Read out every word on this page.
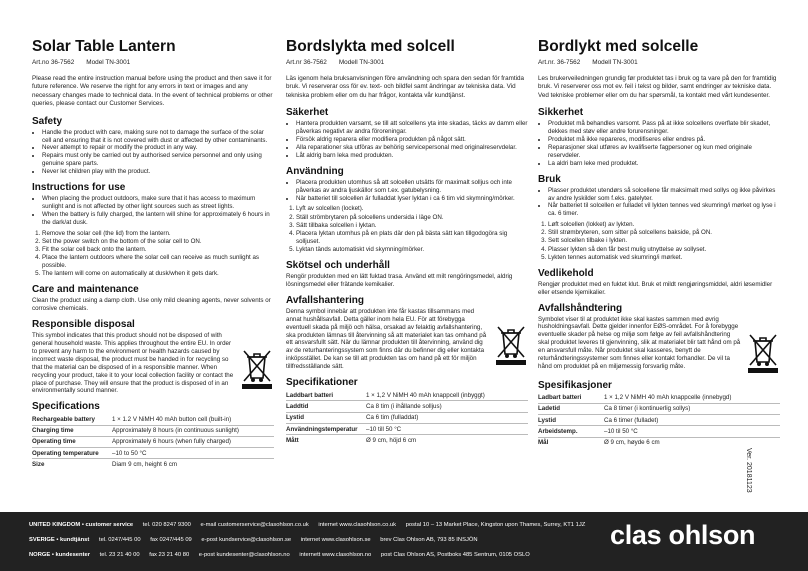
Solar Table Lantern
Art.no 36-7562 Model TN-3001

Please read the entire instruction manual before using the product and then save it for future reference. We reserve the right for any errors in text or images and any necessary changes made to technical data. In the event of technical problems or other queries, please contact our Customer Services.

Safety
• Handle the product with care, making sure not to damage the surface of the solar cell and ensuring that it is not covered with dust or affected by other contaminants.
• Never attempt to repair or modify the product in any way.
• Repairs must only be carried out by authorised service personnel and only using genuine spare parts.
• Never let children play with the product.
Instructions for use
• When placing the product outdoors, make sure that it has access to maximum sunlight and is not affected by other light sources such as street lights.
• When the battery is fully charged, the lantern will shine for approximately 6 hours in the dark/at dusk.
1. Remove the solar cell (the lid) from the lantern.
2. Set the power switch on the bottom of the solar cell to ON.
3. Fit the solar cell back onto the lantern.
4. Place the lantern outdoors where the solar cell can receive as much sunlight as possible.
5. The lantern will come on automatically at dusk/when it gets dark.
Care and maintenance

Clean the product using a damp cloth. Use only mild cleaning agents, never solvents or corrosive chemicals.

Responsible disposal

This symbol indicates that this product should not be disposed of with general household waste. This applies throughout the entire EU. In order to prevent any harm to the environment or health hazards caused by incorrect waste disposal, the product must be handed in for recycling so that the material can be disposed of in a responsible manner. When recycling your product, take it to your local collection facility or contact the place of purchase. They will ensure that the product is disposed of in an environmentally sound manner.

Specifications
Rechargeable battery	1 × 1.2 V NiMH 40 mAh button cell (built-in)
Charging time	Approximately 8 hours (in continuous sunlight)
Operating time	Approximately 6 hours (when fully charged)
Operating temperature	–10 to 50 °C
Size	Diam 9 cm, height 6 cm
Bordslykta med solcell
Art.nr 36-7562 Modell TN-3001

Läs igenom hela bruksanvisningen före användning och spara den sedan för framtida bruk. Vi reserverar oss för ev. text- och bildfel samt ändringar av tekniska data. Vid tekniska problem eller om du har frågor, kontakta vår kundtjänst.

Säkerhet
• Hantera produkten varsamt, se till att solcellens yta inte skadas, täcks av damm eller påverkas negativt av andra föroreningar.
• Försök aldrig reparera eller modifiera produkten på något sätt.
• Alla reparationer ska utföras av behörig servicepersonal med originalreservdelar.
• Låt aldrig barn leka med produkten.
Användning
• Placera produkten utomhus så att solcellen utsätts för maximalt solljus och inte påverkas av andra ljuskällor som t.ex. gatubelysning.
• När batteriet till solcellen är fulladdat lyser lyktan i ca 6 tim vid skymning/mörker.
1. Lyft av solcellen (locket).
2. Ställ strömbrytaren på solcellens undersida i läge ON.
3. Sätt tillbaka solcellen i lyktan.
4. Placera lyktan utomhus på en plats där den på bästa sätt kan tillgodogöra sig solljuset.
5. Lyktan tänds automatiskt vid skymning/mörker.
Skötsel och underhåll

Rengör produkten med en lätt fuktad trasa. Använd ett milt rengöringsmedel, aldrig lösningsmedel eller frätande kemikalier.

Avfallshantering

Denna symbol innebär att produkten inte får kastas tillsammans med annat hushållsavfall. Detta gäller inom hela EU. För att förebygga eventuell skada på miljö och hälsa, orsakad av felaktig avfallshantering, ska produkten lämnas till återvinning så att materialet kan tas omhand på ett ansvarsfullt sätt. När du lämnar produkten till återvinning, använd dig av de returhanteringssystem som finns där du befinner dig eller kontakta inköpsstället. De kan se till att produkten tas om hand på ett för miljön tillfredsställande sätt.

Specifikationer
Laddbart batteri	1 × 1,2 V NiMH 40 mAh knappcell (inbyggt)
Laddtid	Ca 8 tim (i ihållande solljus)
Lystid	Ca 6 tim (fulladdat)
Användningstemperatur	–10 till 50 °C
Mått	Ø 9 cm, höjd 6 cm
Bordlykt med solcelle
Art.nr. 36-7562 Modell TN-3001

Les brukerveiledningen grundig før produktet tas i bruk og ta vare på den for framtidig bruk. Vi reserverer oss mot ev. feil i tekst og bilder, samt endringer av tekniske data. Ved tekniske problemer eller om du har spørsmål, ta kontakt med vårt kundesenter.

Sikkerhet
• Produktet må behandles varsomt. Pass på at ikke solcellens overflate blir skadet, dekkes med støv eller andre forurensninger.
• Produktet må ikke repareres, modifiseres eller endres på.
• Reparasjoner skal utføres av kvalifiserte fagpersoner og kun med originale reservdeler.
• La aldri barn leke med produktet.
Bruk
• Plasser produktet utendørs så solcellene får maksimalt med sollys og ikke påvirkes av andre lyskilder som f.eks. gatelyter.
• Når batteriet til solcellen er fulladet vil lykten tennes ved skumring/i mørket og lyse i ca. 6 timer.
1. Løft solcellen (lokket) av lykten.
2. Still strømbryteren, som sitter på solcellens bakside, på ON.
3. Sett solcellen tilbake i lykten.
4. Plasser lykten så den får best mulig utnyttelse av sollyset.
5. Lykten tennes automatisk ved skumring/i mørket.
Vedlikehold

Rengjør produktet med en fuktet klut. Bruk et mildt rengjøringsmiddel, aldri løsemidler eller etsende kjemikalier.

Avfallshåndtering

Symbolet viser til at produktet ikke skal kastes sammen med øvrig husholdningsavfall. Dette gjelder innenfor EØS-området. For å forebygge eventuelle skader på helse og miljø som følge av feil avfallshåndtering skal produktet leveres til gjenvinning, slik at materialet blir tatt hånd om på en ansvarsfull måte. Når produktet skal kasseres, benytt de returhåndteringssystemer som finnes eller kontakt forhandler. De vil ta hånd om produktet på en miljømessig forsvarlig måte.

Spesifikasjoner
Ladbart batteri	1 × 1,2 V NiMH 40 mAh knappcelle (innebygd)
Ladetid	Ca 8 timer (i kontinuerlig sollys)
Lystid	Ca 6 timer (fulladet)
Arbeidstemp.	–10 til 50 °C
Mål	Ø 9 cm, høyde 6 cm
Ver. 20181123
UNITED KINGDOM • customer service tel. 020 8247 9300 e-mail customerservice@clasohlson.co.uk internet www.clasohlson.co.uk postal 10 – 13 Market Place, Kingston upon Thames, Surrey, KT1 1JZ
SVERIGE • kundtjänst tel. 0247/445 00 fax 0247/445 09 e-post kundservice@clasohlson.se internet www.clasohlson.se brev Clas Ohlson AB, 793 85 INSJÖN
NORGE • kundesenter tel. 23 21 40 00 fax 23 21 40 80 e-post kundesenter@clasohlson.no internett www.clasohlson.no post Clas Ohlson AS, Postboks 485 Sentrum, 0105 OSLO
clas ohlson
